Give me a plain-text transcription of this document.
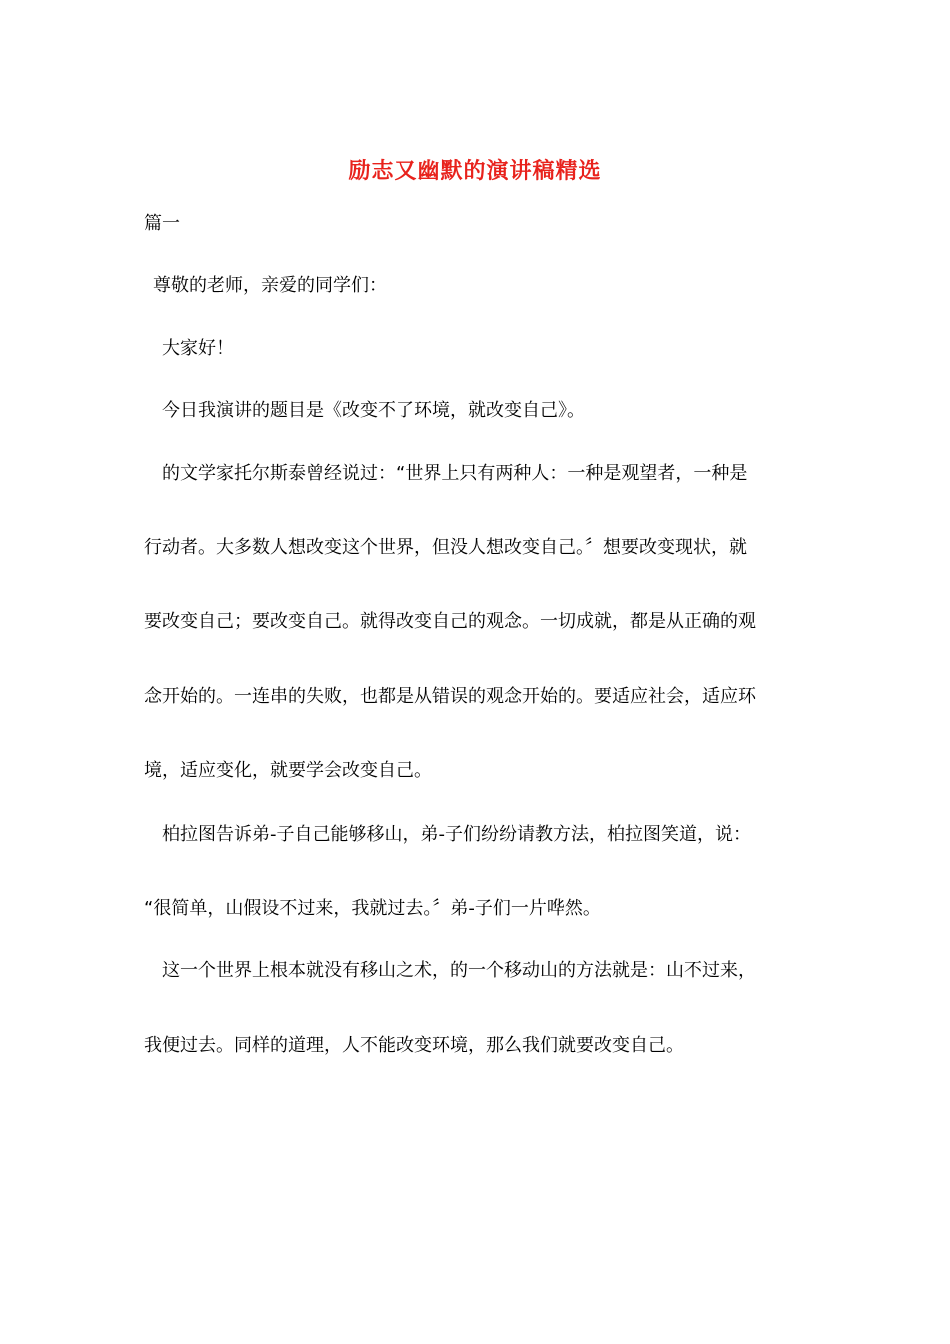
励志又幽默的演讲稿精选
篇一
尊敬的老师，亲爱的同学们：
大家好！
今日我演讲的题目是《改变不了环境，就改变自己》。
的文学家托尔斯泰曾经说过：“世界上只有两种人：一种是观望者，一种是
行动者。大多数人想改变这个世界，但没人想改变自己。〞想要改变现状，就
要改变自己；要改变自己。就得改变自己的观念。一切成就，都是从正确的观
念开始的。一连串的失败，也都是从错误的观念开始的。要适应社会，适应环
境，适应变化，就要学会改变自己。
柏拉图告诉弟-子自己能够移山，弟-子们纷纷请教方法，柏拉图笑道，说：
“很简单，山假设不过来，我就过去。〞弟-子们一片哗然。
这一个世界上根本就没有移山之术，的一个移动山的方法就是：山不过来，
我便过去。同样的道理，人不能改变环境，那么我们就要改变自己。
